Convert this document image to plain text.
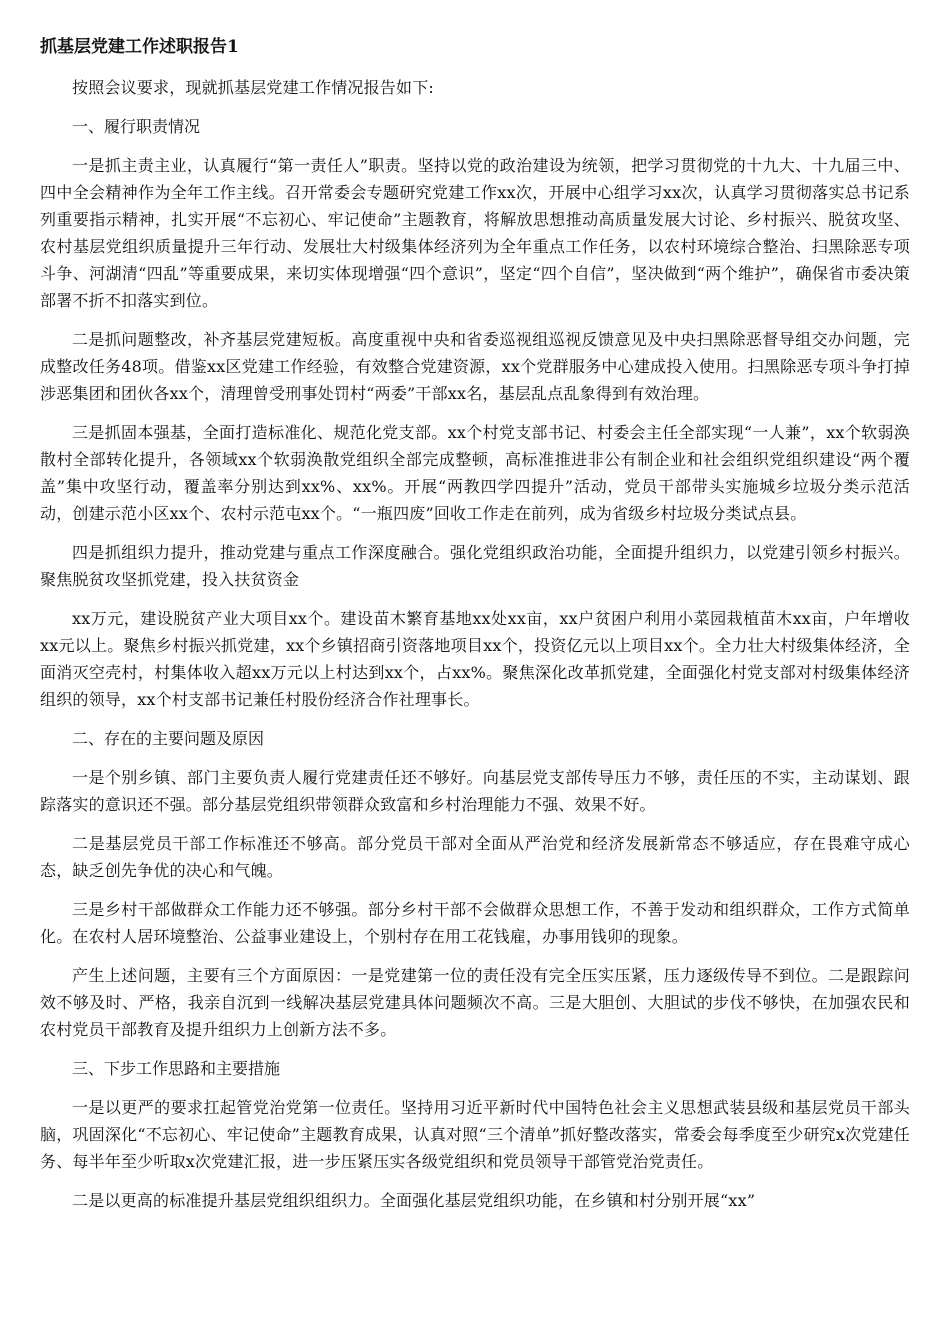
抓基层党建工作述职报告1

按照会议要求，现就抓基层党建工作情况报告如下:

一、履行职责情况

一是抓主责主业，认真履行“第一责任人”职责。坚持以党的政治建设为统领，把学习贯彻党的十九大、十九届三中、四中全会精神作为全年工作主线。召开常委会专题研究党建工作xx次，开展中心组学习xx次，认真学习贯彻落实总书记系列重要指示精神，扎实开展“不忘初心、牢记使命”主题教育，将解放思想推动高质量发展大讨论、乡村振兴、脱贫攻坚、农村基层党组织质量提升三年行动、发展壮大村级集体经济列为全年重点工作任务，以农村环境综合整治、扫黑除恶专项斗争、河湖清“四乱”等重要成果，来切实体现增强“四个意识”，坚定“四个自信”，坚决做到“两个维护”，确保省市委决策部署不折不扣落实到位。

二是抓问题整改，补齐基层党建短板。高度重视中央和省委巡视组巡视反馈意见及中央扫黑除恶督导组交办问题，完成整改任务48项。借鉴xx区党建工作经验，有效整合党建资源，xx个党群服务中心建成投入使用。扫黑除恶专项斗争打掉涉恶集团和团伙各xx个，清理曾受刑事处罚村“两委”干部xx名，基层乱点乱象得到有效治理。

三是抓固本强基，全面打造标准化、规范化党支部。xx个村党支部书记、村委会主任全部实现“一人兼”，xx个软弱涣散村全部转化提升，各领域xx个软弱涣散党组织全部完成整顿，高标准推进非公有制企业和社会组织党组织建设“两个覆盖”集中攻坚行动，覆盖率分别达到xx%、xx%。开展“两教四学四提升”活动，党员干部带头实施城乡垃圾分类示范活动，创建示范小区xx个、农村示范屯xx个。“一瓶四废”回收工作走在前列，成为省级乡村垃圾分类试点县。

四是抓组织力提升，推动党建与重点工作深度融合。强化党组织政治功能，全面提升组织力，以党建引领乡村振兴。聚焦脱贫攻坚抓党建，投入扶贫资金

xx万元，建设脱贫产业大项目xx个。建设苗木繁育基地xx处xx亩，xx户贫困户利用小菜园栽植苗木xx亩，户年增收xx元以上。聚焦乡村振兴抓党建，xx个乡镇招商引资落地项目xx个，投资亿元以上项目xx个。全力壮大村级集体经济，全面消灭空壳村，村集体收入超xx万元以上村达到xx个，占xx%。聚焦深化改革抓党建，全面强化村党支部对村级集体经济组织的领导，xx个村支部书记兼任村股份经济合作社理事长。

二、存在的主要问题及原因

一是个别乡镇、部门主要负责人履行党建责任还不够好。向基层党支部传导压力不够，责任压的不实，主动谋划、跟踪落实的意识还不强。部分基层党组织带领群众致富和乡村治理能力不强、效果不好。

二是基层党员干部工作标准还不够高。部分党员干部对全面从严治党和经济发展新常态不够适应，存在畏难守成心态，缺乏创先争优的决心和气魄。

三是乡村干部做群众工作能力还不够强。部分乡村干部不会做群众思想工作，不善于发动和组织群众，工作方式简单化。在农村人居环境整治、公益事业建设上，个别村存在用工花钱雇，办事用钱卯的现象。

产生上述问题，主要有三个方面原因：一是党建第一位的责任没有完全压实压紧，压力逐级传导不到位。二是跟踪问效不够及时、严格，我亲自沉到一线解决基层党建具体问题频次不高。三是大胆创、大胆试的步伐不够快，在加强农民和农村党员干部教育及提升组织力上创新方法不多。

三、下步工作思路和主要措施

一是以更严的要求扛起管党治党第一位责任。坚持用习近平新时代中国特色社会主义思想武装县级和基层党员干部头脑，巩固深化“不忘初心、牢记使命”主题教育成果，认真对照“三个清单”抓好整改落实，常委会每季度至少研究x次党建任务、每半年至少听取x次党建汇报，进一步压紧压实各级党组织和党员领导干部管党治党责任。

二是以更高的标准提升基层党组织组织力。全面强化基层党组织功能，在乡镇和村分别开展“xx”
